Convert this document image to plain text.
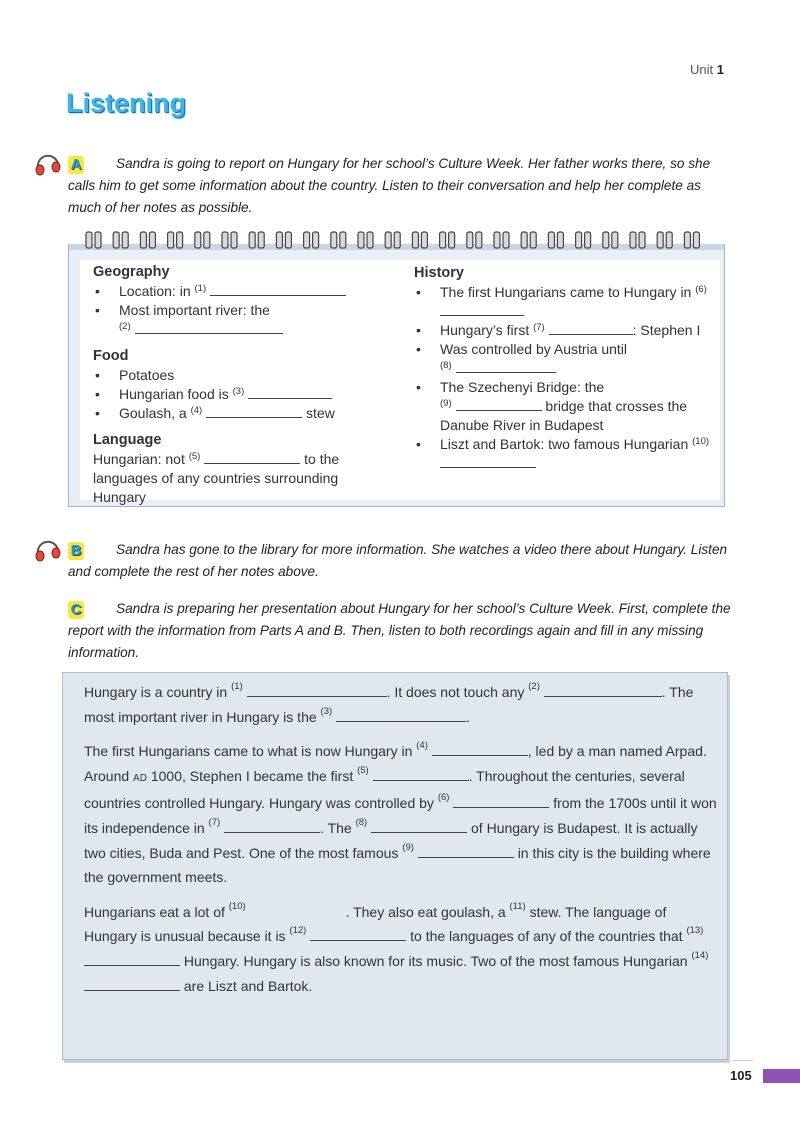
Unit 1
Listening
A	Sandra is going to report on Hungary for her school’s Culture Week. Her father works there, so she calls him to get some information about the country. Listen to their conversation and help her complete as much of her notes as possible.

Geography

• Location: in $^{(1)}$
• Most important river: the
$^{(2)}$

Food

• Potatoes
• Hungarian food is $^{(3)}$
• Goulash, a $^{(4)}$	stew

Language

Hungarian: not $^{(5)}$	to the languages of any countries surrounding Hungary

History

• The first Hungarians came to Hungary in $^{(6)}$
• Hungary’s first $^{(7)}$	: Stephen I
• Was controlled by Austria until
$^{(8)}$
• The Szechenyi Bridge: the
$^{(9)}$	bridge that crosses the Danube River in Budapest
• Liszt and Bartok: two famous Hungarian $^{(10)}$
B	Sandra has gone to the library for more information. She watches a video there about Hungary. Listen and complete the rest of her notes above.
C	Sandra is preparing her presentation about Hungary for her school’s Culture Week. First, complete the report with the information from Parts A and B. Then, listen to both recordings again and fill in any missing information.

Hungary is a country in $^{(1)}$	. It does not touch any $^{(2)}$	. The most important river in Hungary is the $^{(3)}$	.

The first Hungarians came to what is now Hungary in $^{(4)}$	, led by a man named Arpad. Around AD 1000, Stephen I became the first $^{(5)}$	. Throughout the centuries, several countries controlled Hungary. Hungary was controlled by $^{(6)}$	from the 1700s until it won its independence in $^{(7)}$	. The $^{(8)}$	of Hungary is Budapest. It is actually two cities, Buda and Pest. One of the most famous $^{(9)}$	in this city is the building where the government meets.

Hungarians eat a lot of $^{(10)}$	. They also eat goulash, a $^{(11)}$ stew. The language of Hungary is unusual because it is $^{(12)}$	to the languages of any of the countries that $^{(13)}$  Hungary. Hungary is also known for its music. Two of the most famous Hungarian $^{(14)}$  are Liszt and Bartok.

105
